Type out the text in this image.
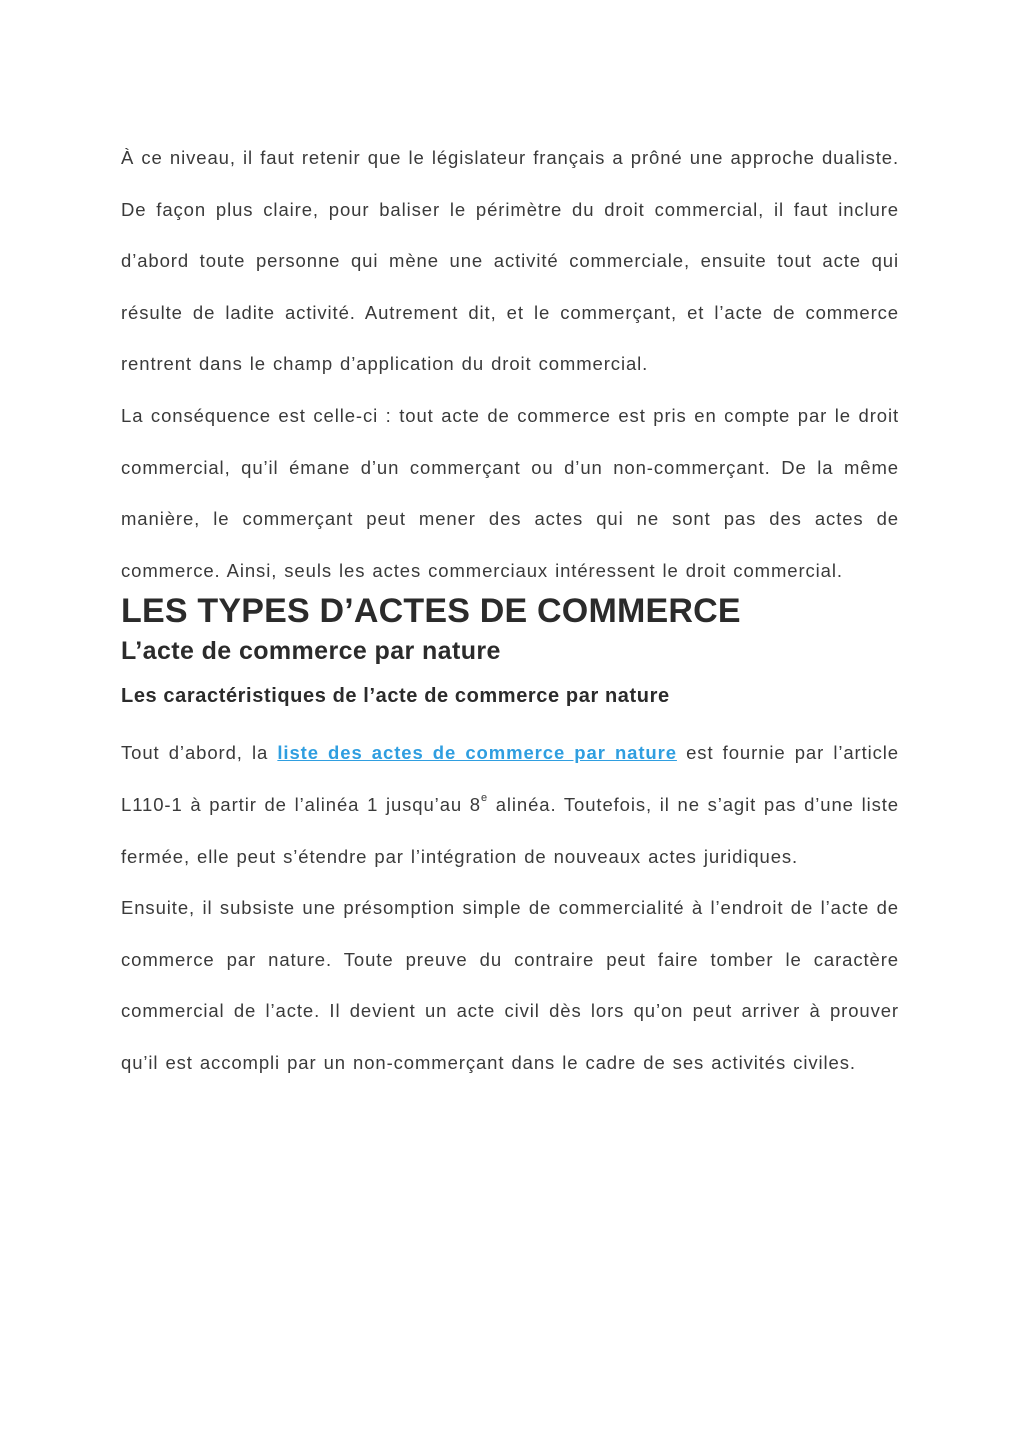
À ce niveau, il faut retenir que le législateur français a prôné une approche dualiste. De façon plus claire, pour baliser le périmètre du droit commercial, il faut inclure d’abord toute personne qui mène une activité commerciale, ensuite tout acte qui résulte de ladite activité. Autrement dit, et le commerçant, et l’acte de commerce rentrent dans le champ d’application du droit commercial.

La conséquence est celle-ci : tout acte de commerce est pris en compte par le droit commercial, qu’il émane d’un commerçant ou d’un non-commerçant. De la même manière, le commerçant peut mener des actes qui ne sont pas des actes de commerce. Ainsi, seuls les actes commerciaux intéressent le droit commercial.

LES TYPES D’ACTES DE COMMERCE
L’acte de commerce par nature
Les caractéristiques de l’acte de commerce par nature

Tout d’abord, la liste des actes de commerce par nature est fournie par l’article L110-1 à partir de l’alinéa 1 jusqu’au 8e alinéa. Toutefois, il ne s’agit pas d’une liste fermée, elle peut s’étendre par l’intégration de nouveaux actes juridiques.

Ensuite, il subsiste une présomption simple de commercialité à l’endroit de l’acte de commerce par nature. Toute preuve du contraire peut faire tomber le caractère commercial de l’acte. Il devient un acte civil dès lors qu’on peut arriver à prouver qu’il est accompli par un non-commerçant dans le cadre de ses activités civiles.
